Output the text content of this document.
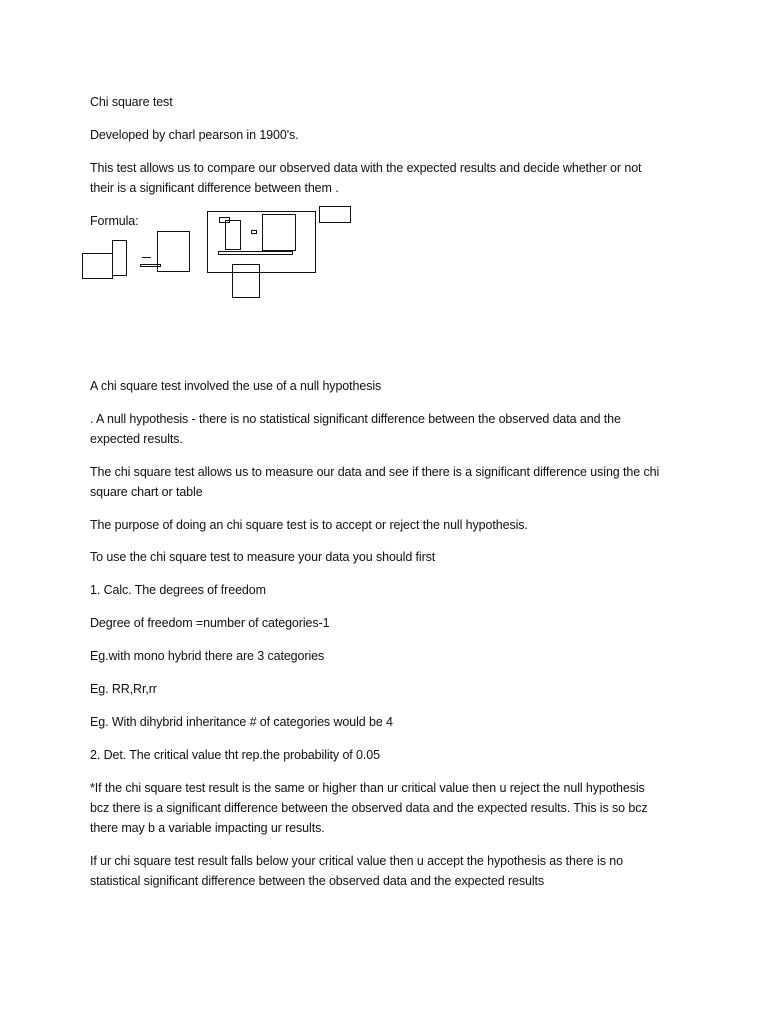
Chi square test
Developed by charl pearson in 1900's.
This test allows us to compare our observed data with the expected results and decide whether or not
their is a significant difference between them .
Formula:
A chi square test involved the use of a null hypothesis
. A null hypothesis - there is no statistical significant difference between the observed data and the
expected results.
The chi square test allows us to measure our data and see if there is a significant difference using the chi
square chart or table
The purpose of doing an chi square test is to accept or reject the null hypothesis.
To use the chi square test to measure your data you should first
1. Calc. The degrees of freedom
Degree of freedom =number of categories-1
Eg.with mono hybrid there are 3 categories
Eg. RR,Rr,rr
Eg. With dihybrid inheritance # of categories would be 4
2. Det. The critical value tht rep.the probability of 0.05
*If the chi square test result is the same or higher than ur critical value then u reject the null hypothesis
bcz there is a significant difference between the observed data and the expected results. This is so bcz
there may b a variable impacting ur results.
If ur chi square test result falls below your critical value then u accept the hypothesis as there is no
statistical significant difference between the observed data and the expected results
